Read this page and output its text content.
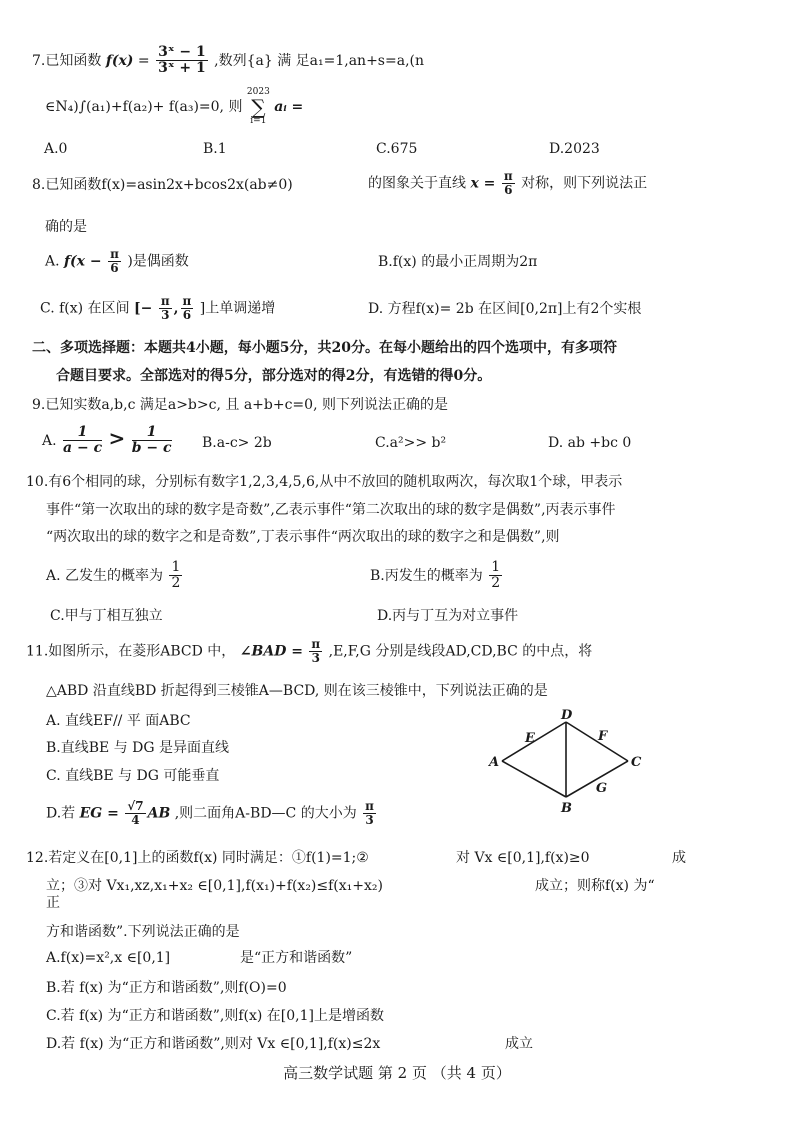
7.已知函数 $f(x) = \frac{\text{3ˣ − 1}}{\text{3ˣ + 1}}$ ,数列{a} 满 足a₁=1,an+s=a,(n
∈N₄)∫(a₁)+f(a₂)+ f(a₃)=0, 则 2023
∑
i=1 aᵢ =
A.0	B.1	C.675	D.2023
8.已知函数f(x)=asin2x+bcos2x(ab≠0)	的图象关于直线 $x = \frac{\pi}{6}$ 对称，则下列说法正
确的是
A. $f(x - \frac{\pi}{6}$ )是偶函数	B.f(x) 的最小正周期为2π
C. f(x) 在区间 [− $\frac{\pi}{3}$ , $\frac{\pi}{6}$ ]上单调递增	D. 方程f(x)= 2b 在区间[0,2π]上有2个实根
二、多项选择题：本题共4小题，每小题5分，共20分。在每小题给出的四个选项中，有多项符
合题目要求。全部选对的得5分，部分选对的得2分，有选错的得0分。
9.已知实数a,b,c 满足a>b>c, 且 a+b+c=0, 则下列说法正确的是
A. $\frac{1}{a - c} > \frac{1}{b - c} B.a-c> 2b$	C.a²>> b²	D. ab +bc 0
10.有6个相同的球，分别标有数字1,2,3,4,5,6,从中不放回的随机取两次，每次取1个球，甲表示
事件“第一次取出的球的数字是奇数”,乙表示事件“第二次取出的球的数字是偶数”,丙表示事件
“两次取出的球的数字之和是奇数”,丁表示事件“两次取出的球的数字之和是偶数”,则
A. 乙发生的概率为 $\frac{1}{2}$	B.丙发生的概率为 $\frac{1}{2}$
C.甲与丁相互独立	D.丙与丁互为对立事件
11.如图所示，在菱形ABCD 中， ∠BAD = $\frac{\pi}{3} ,E,F,G$ 分别是线段AD,CD,BC 的中点，将
△ABD 沿直线BD 折起得到三棱锥A—BCD, 则在该三棱锥中，下列说法正确的是
A. 直线EF// 平 面ABC
B.直线BE 与 DG 是异面直线
C. 直线BE 与 DG 可能垂直
D.若 EG = $\frac{√7}{4}$ AB ,则二面角A-BD—C 的大小为 $\frac{\pi}{3}$
A
D
C
B
E	F
G
12.若定义在[0,1]上的函数f(x) 同时满足：①f(1)=1;②	对 Vx ∈[0,1],f(x)≥0	成
立；③对 Vx₁,xz,x₁+x₂ ∈[0,1],f(x₁)+f(x₂)≤f(x₁+x₂)	成立；则称f(x) 为“
正
方和谐函数”.下列说法正确的是
A.f(x)=x²,x ∈[0,1]	是“正方和谐函数”
B.若 f(x) 为“正方和谐函数”,则f(O)=0
C.若 f(x) 为“正方和谐函数”,则f(x) 在[0,1]上是增函数
D.若 f(x) 为“正方和谐函数”,则对 Vx ∈[0,1],f(x)≤2x	成立
高三数学试题 第 2 页 （共 4 页）
